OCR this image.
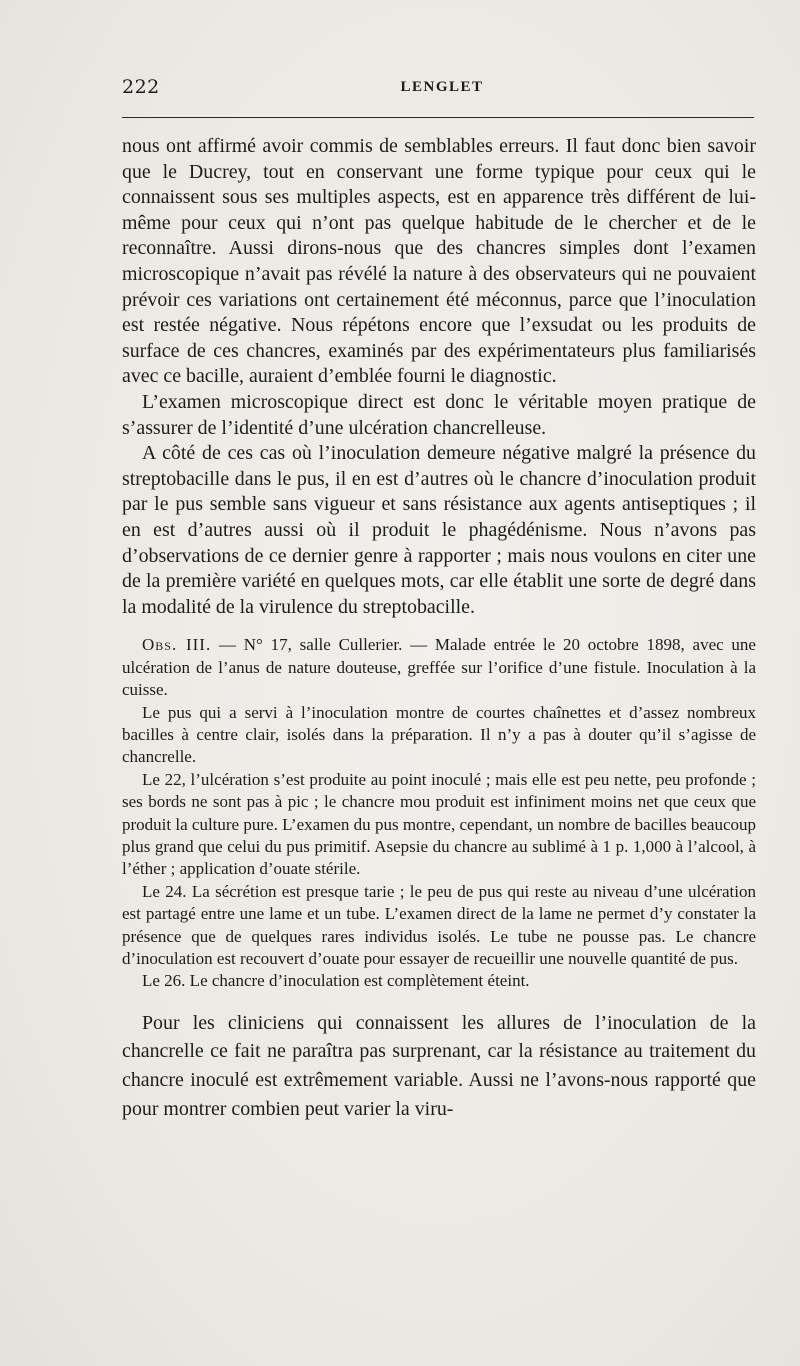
222	LENGLET

nous ont affirmé avoir commis de semblables erreurs. Il faut donc bien savoir que le Ducrey, tout en conservant une forme typique pour ceux qui le connaissent sous ses multiples aspects, est en apparence très différent de lui-même pour ceux qui n’ont pas quelque habitude de le chercher et de le reconnaître. Aussi dirons-nous que des chancres simples dont l’examen microscopique n’avait pas révélé la nature à des observateurs qui ne pouvaient prévoir ces variations ont certainement été méconnus, parce que l’inoculation est restée négative. Nous répétons encore que l’exsudat ou les produits de surface de ces chancres, examinés par des expérimentateurs plus familiarisés avec ce bacille, auraient d’emblée fourni le diagnostic.

L’examen microscopique direct est donc le véritable moyen pratique de s’assurer de l’identité d’une ulcération chancrelleuse.

A côté de ces cas où l’inoculation demeure négative malgré la présence du streptobacille dans le pus, il en est d’autres où le chancre d’inoculation produit par le pus semble sans vigueur et sans résistance aux agents antiseptiques ; il en est d’autres aussi où il produit le phagédénisme. Nous n’avons pas d’observations de ce dernier genre à rapporter ; mais nous voulons en citer une de la première variété en quelques mots, car elle établit une sorte de degré dans la modalité de la virulence du streptobacille.

Obs. III. — N° 17, salle Cullerier. — Malade entrée le 20 octobre 1898, avec une ulcération de l’anus de nature douteuse, greffée sur l’orifice d’une fistule. Inoculation à la cuisse.

Le pus qui a servi à l’inoculation montre de courtes chaînettes et d’assez nombreux bacilles à centre clair, isolés dans la préparation. Il n’y a pas à douter qu’il s’agisse de chancrelle.

Le 22, l’ulcération s’est produite au point inoculé ; mais elle est peu nette, peu profonde ; ses bords ne sont pas à pic ; le chancre mou produit est infiniment moins net que ceux que produit la culture pure. L’examen du pus montre, cependant, un nombre de bacilles beaucoup plus grand que celui du pus primitif. Asepsie du chancre au sublimé à 1 p. 1,000 à l’alcool, à l’éther ; application d’ouate stérile.

Le 24. La sécrétion est presque tarie ; le peu de pus qui reste au niveau d’une ulcération est partagé entre une lame et un tube. L’examen direct de la lame ne permet d’y constater la présence que de quelques rares individus isolés. Le tube ne pousse pas. Le chancre d’inoculation est recouvert d’ouate pour essayer de recueillir une nouvelle quantité de pus.

Le 26. Le chancre d’inoculation est complètement éteint.

Pour les cliniciens qui connaissent les allures de l’inoculation de la chancrelle ce fait ne paraîtra pas surprenant, car la résistance au traitement du chancre inoculé est extrêmement variable. Aussi ne l’avons-nous rapporté que pour montrer combien peut varier la viru-
